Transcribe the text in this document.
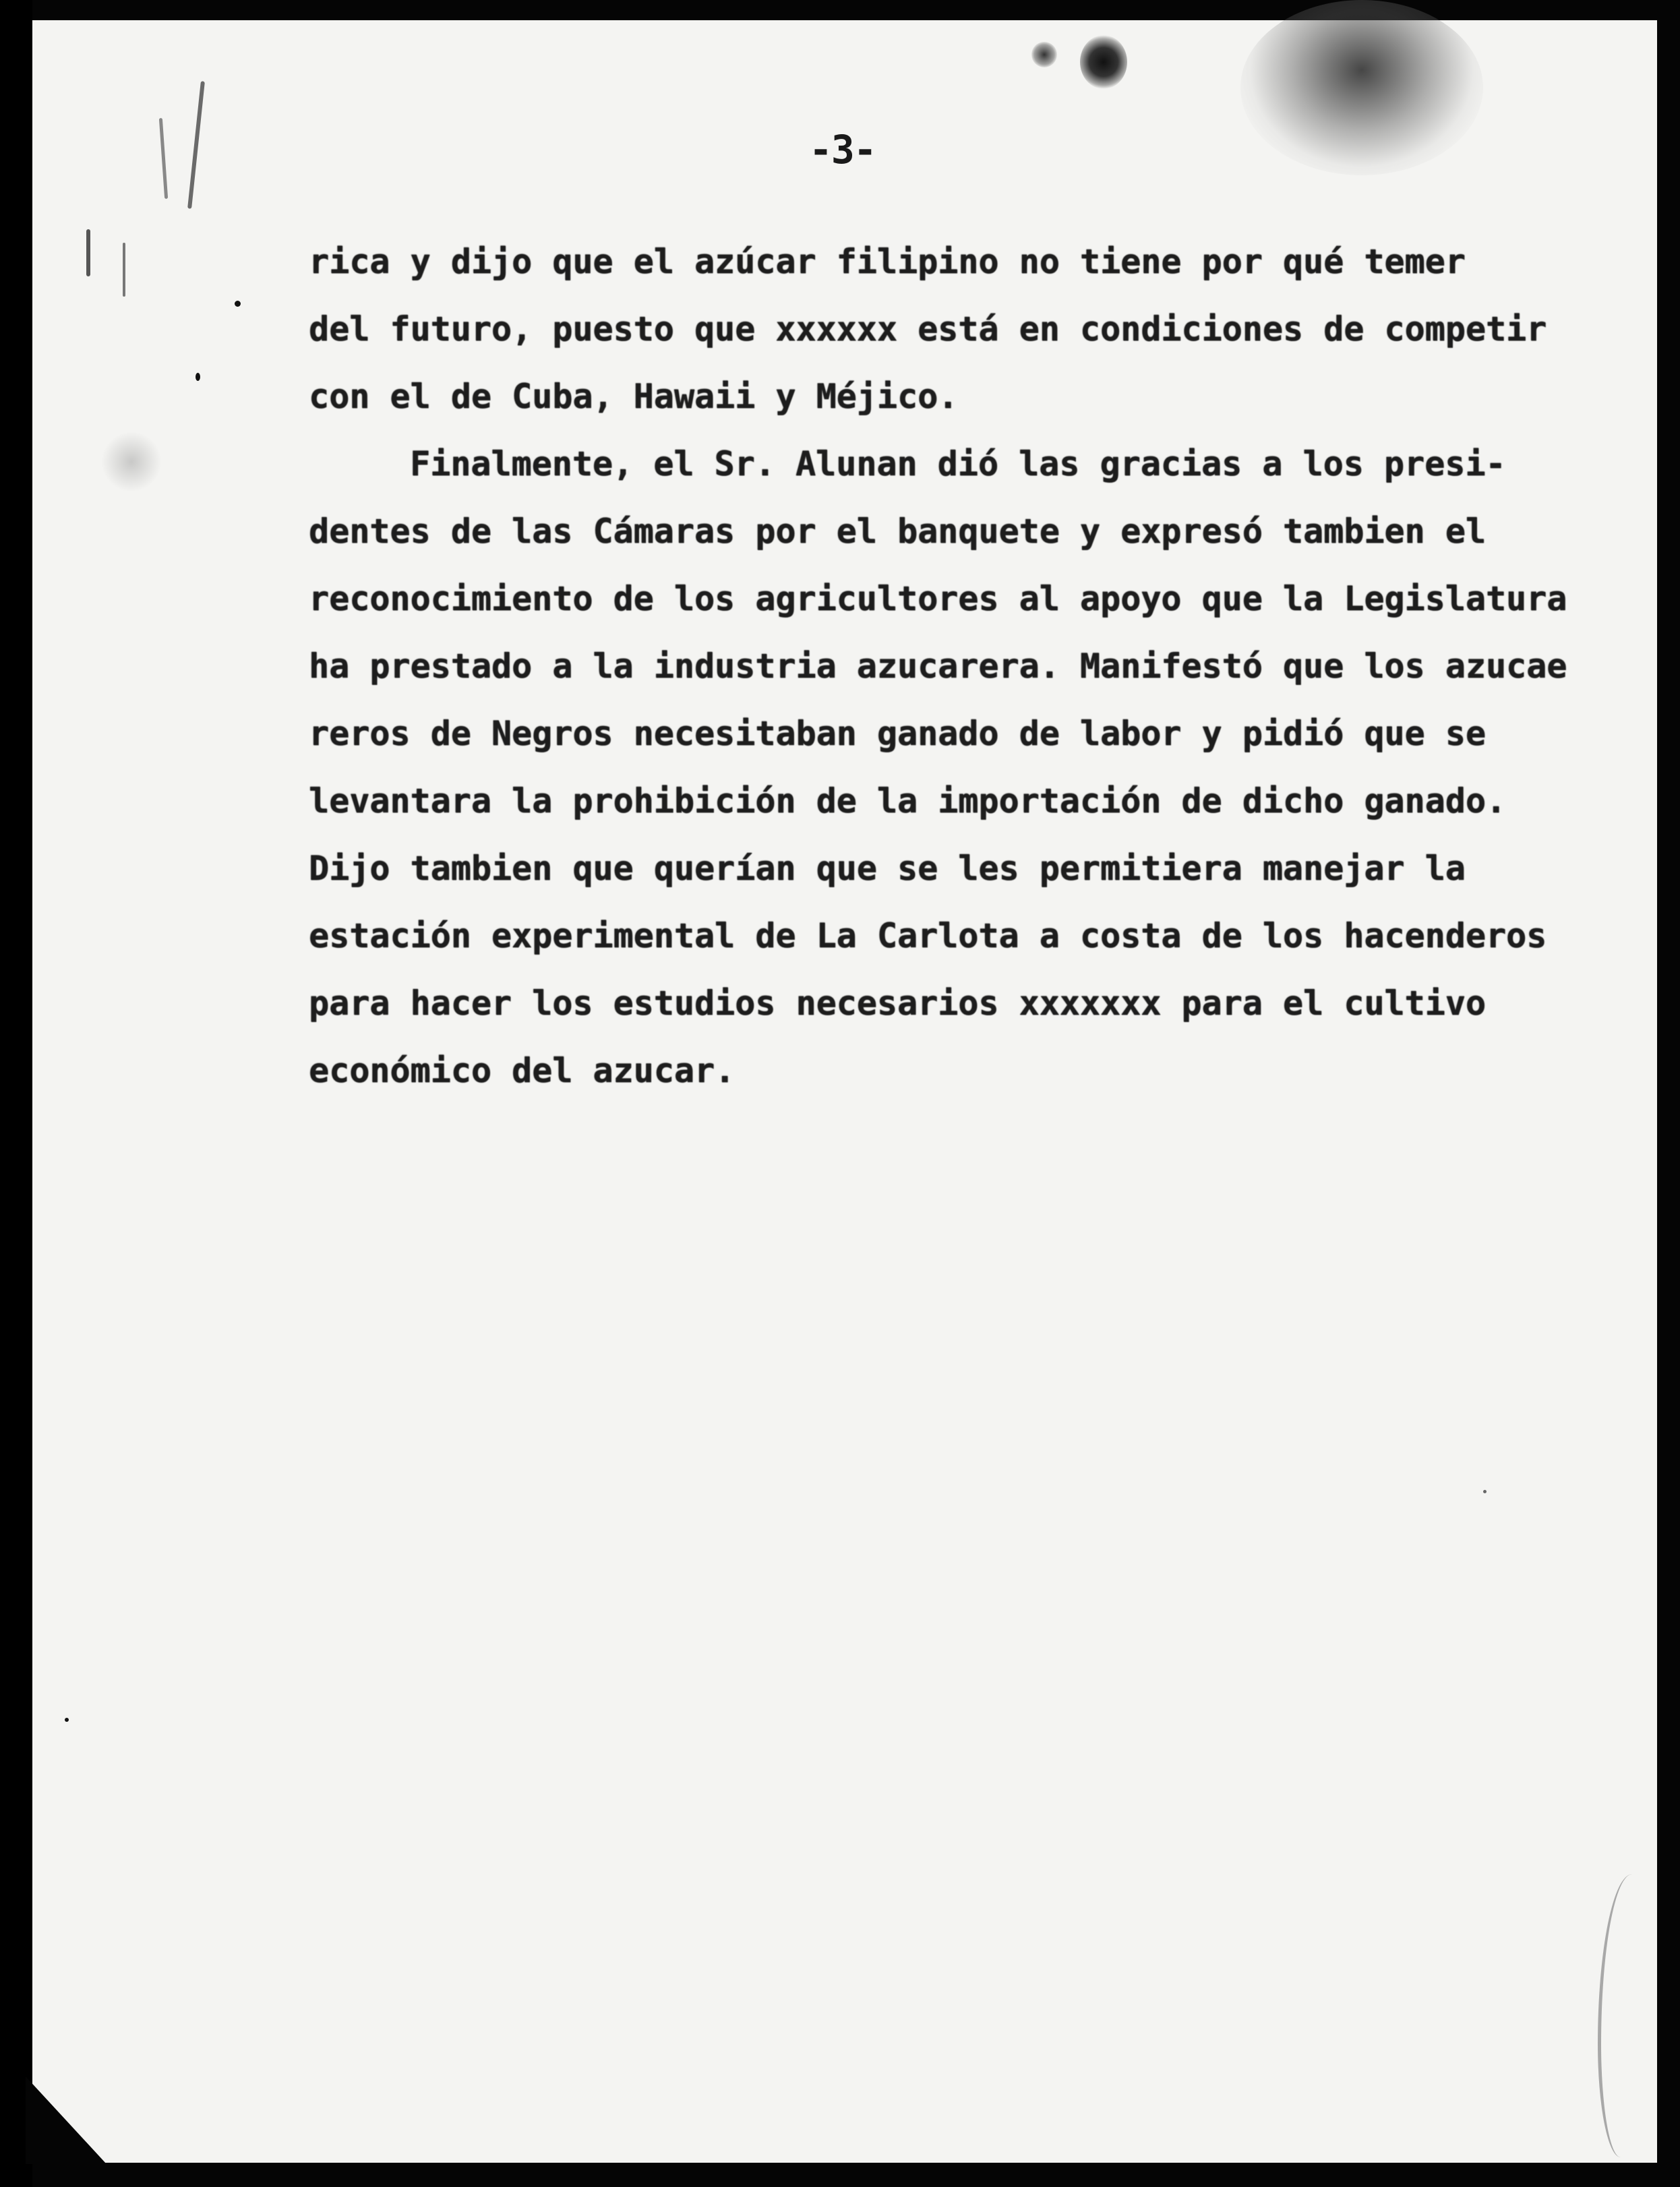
-3-
rica y dijo que el azúcar filipino no tiene por qué temer
del futuro, puesto que xxxxxx está en condiciones de competir
con el de Cuba, Hawaii y Méjico.
Finalmente, el Sr. Alunan dió las gracias a los presi-
dentes de las Cámaras por el banquete y expresó tambien el
reconocimiento de los agricultores al apoyo que la Legislatura
ha prestado a la industria azucarera. Manifestó que los azucae
reros de Negros necesitaban ganado de labor y pidió que se
levantara la prohibición de la importación de dicho ganado.
Dijo tambien que querían que se les permitiera manejar la
estación experimental de La Carlota a costa de los hacenderos
para hacer los estudios necesarios xxxxxxx para el cultivo
económico del azucar.
